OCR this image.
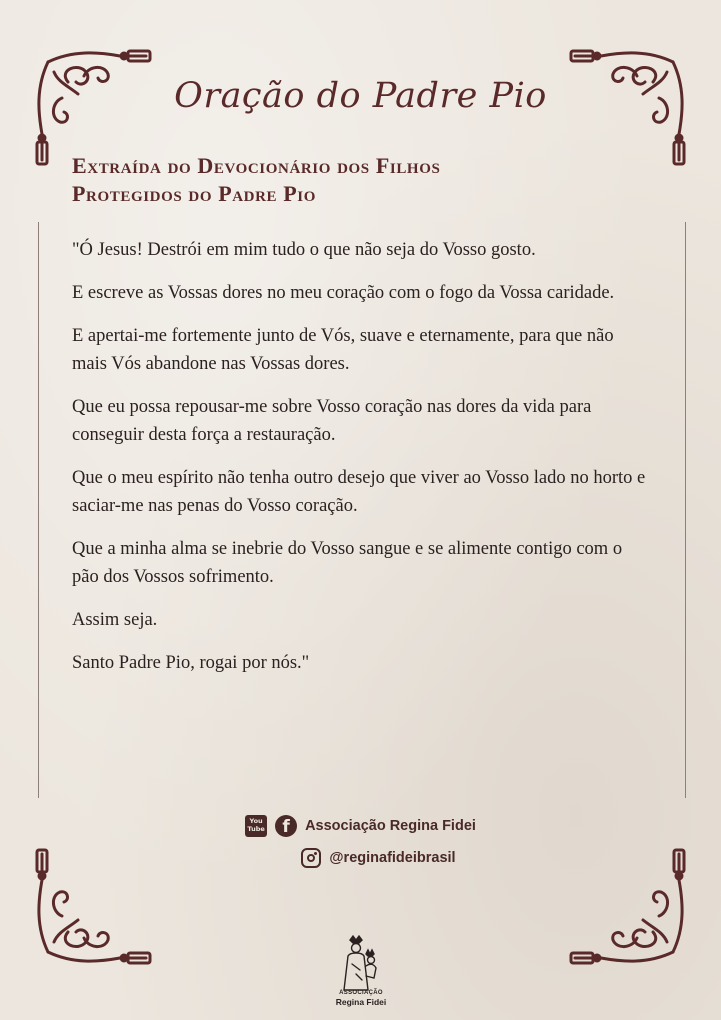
Oração do Padre Pio
Extraída do Devocionário dos Filhos
Protegidos do Padre Pio

"Ó Jesus! Destrói em mim tudo o que não seja do Vosso gosto.

E escreve as Vossas dores no meu coração com o fogo da Vossa caridade.

E apertai-me fortemente junto de Vós, suave e eternamente, para que não mais Vós abandone nas Vossas dores.

Que eu possa repousar-me sobre Vosso coração nas dores da vida para conseguir desta força a restauração.

Que o meu espírito não tenha outro desejo que viver ao Vosso lado no horto e saciar-me nas penas do Vosso coração.

Que a minha alma se inebrie do Vosso sangue e se alimente contigo com o pão dos Vossos sofrimento.

Assim seja.

Santo Padre Pio, rogai por nós."

You
Tube	f	Associação Regina Fidei
@reginafideibrasil
ASSOCIAÇÃO
Regina Fidei
